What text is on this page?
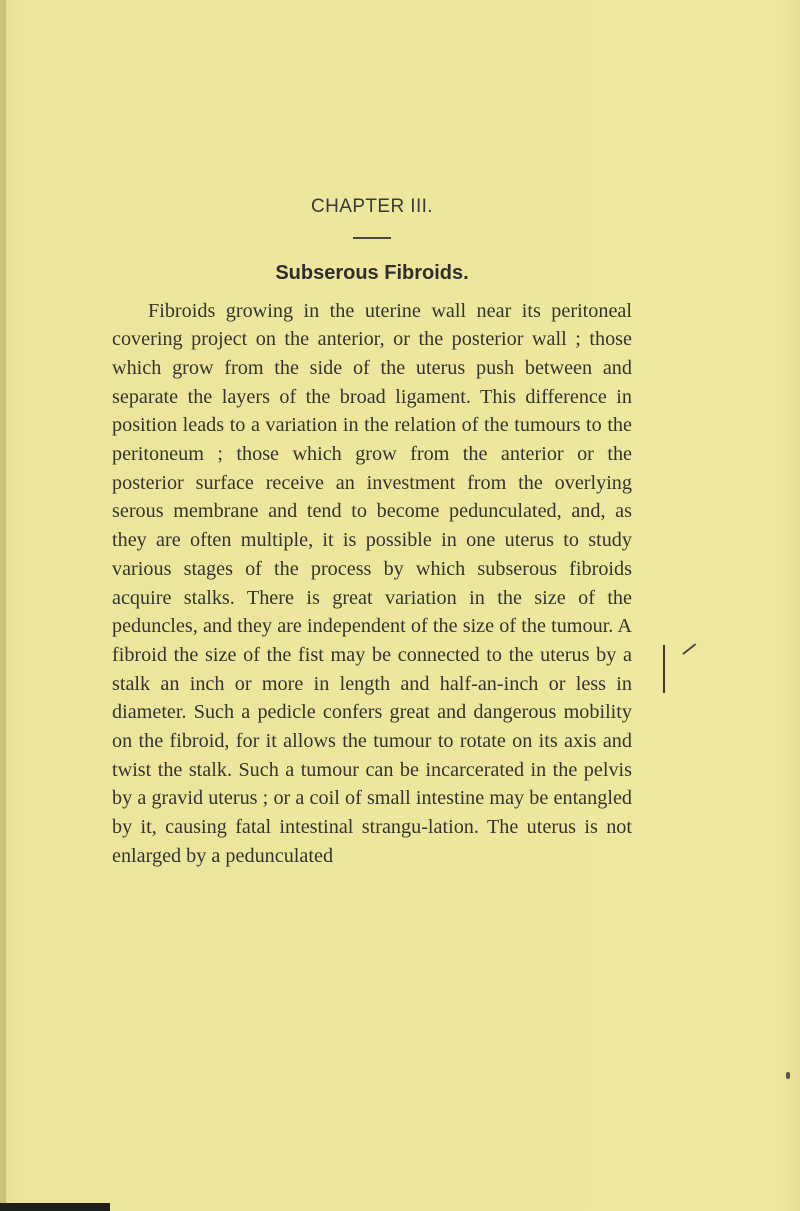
CHAPTER III.

Subserous Fibroids.

Fibroids growing in the uterine wall near its peritoneal covering project on the anterior, or the posterior wall ; those which grow from the side of the uterus push between and separate the layers of the broad ligament. This difference in position leads to a variation in the relation of the tumours to the peritoneum ; those which grow from the anterior or the posterior surface receive an investment from the overlying serous membrane and tend to become pedunculated, and, as they are often multiple, it is possible in one uterus to study various stages of the process by which subserous fibroids acquire stalks. There is great variation in the size of the peduncles, and they are independent of the size of the tumour. A fibroid the size of the fist may be connected to the uterus by a stalk an inch or more in length and half-an-inch or less in diameter. Such a pedicle confers great and dangerous mobility on the fibroid, for it allows the tumour to rotate on its axis and twist the stalk. Such a tumour can be incarcerated in the pelvis by a gravid uterus ; or a coil of small intestine may be entangled by it, causing fatal intestinal strangu-lation. The uterus is not enlarged by a pedunculated
